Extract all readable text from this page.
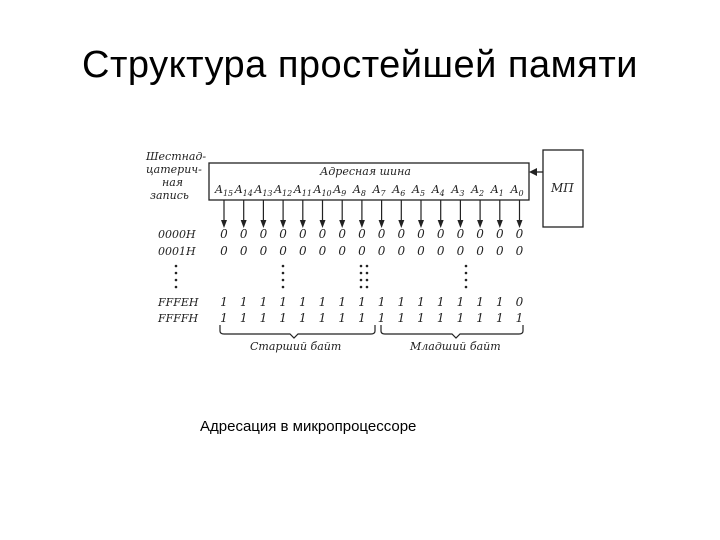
Структура простейшей памяти
Шестнад-
цатерич-
ная
запись
Адресная шина
МП
$A_{15}$ $A_{14}$ $A_{13}$ $A_{12}$ $A_{11}$ $A_{10}$ $A_9$ $A_8$ $A_7$ $A_6$ $A_5$ $A_4$ $A_3$ $A_2$ $A_1$ $A_0$
0000H
0001H
FFFEH
FFFFH
0 0 0 0 0 0 0 0 0 0 0 0 0 0 0 0
0 0 0 0 0 0 0 0 0 0 0 0 0 0 0 0
1 1 1 1 1 1 1 1 1 1 1 1 1 1 1 0
1 1 1 1 1 1 1 1 1 1 1 1 1 1 1 1
Старший байт	Младший байт
Адресация в микропроцессоре
